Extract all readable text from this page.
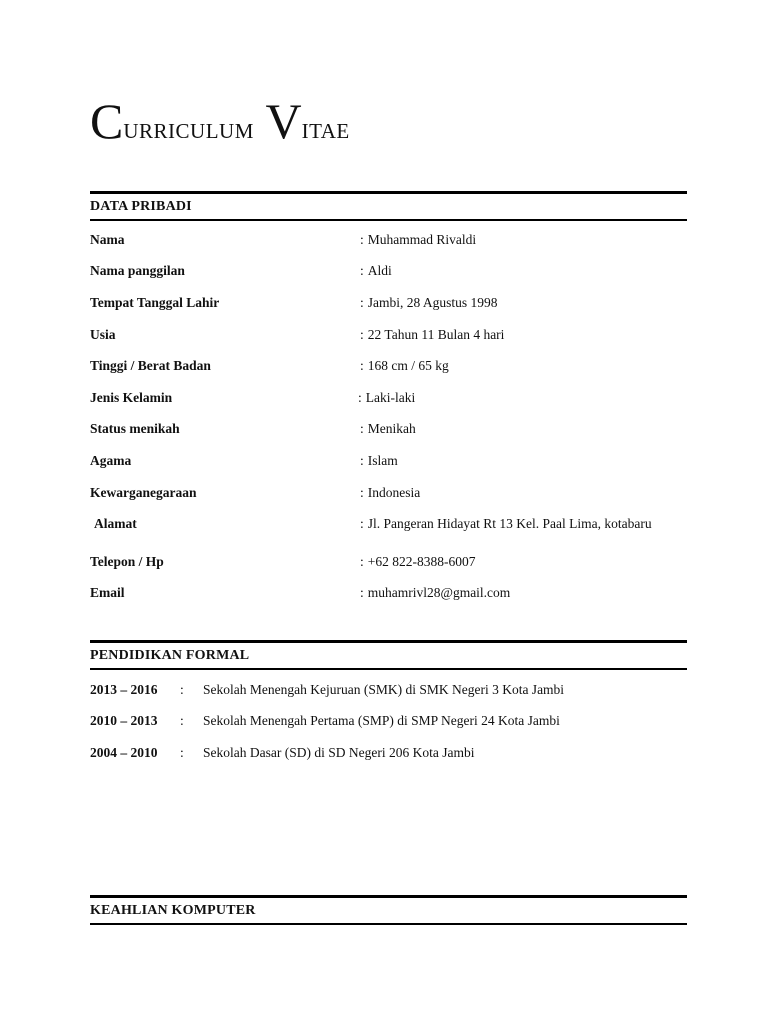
CURRICULUM VITAE
DATA PRIBADI
Nama	: Muhammad Rivaldi
Nama panggilan	: Aldi
Tempat Tanggal Lahir	: Jambi, 28 Agustus 1998
Usia	: 22 Tahun 11 Bulan 4 hari
Tinggi / Berat Badan	: 168 cm / 65 kg
Jenis Kelamin	: Laki-laki
Status menikah	: Menikah
Agama	: Islam
Kewarganegaraan	: Indonesia
Alamat	: Jl. Pangeran Hidayat Rt 13 Kel. Paal Lima, kotabaru
Telepon / Hp	: +62 822-8388-6007
Email	: muhamrivl28@gmail.com
PENDIDIKAN FORMAL
2013 – 2016 : Sekolah Menengah Kejuruan (SMK) di SMK Negeri 3 Kota Jambi
2010 – 2013 : Sekolah Menengah Pertama (SMP) di SMP Negeri 24 Kota Jambi
2004 – 2010 : Sekolah Dasar (SD) di SD Negeri 206 Kota Jambi
KEAHLIAN KOMPUTER
